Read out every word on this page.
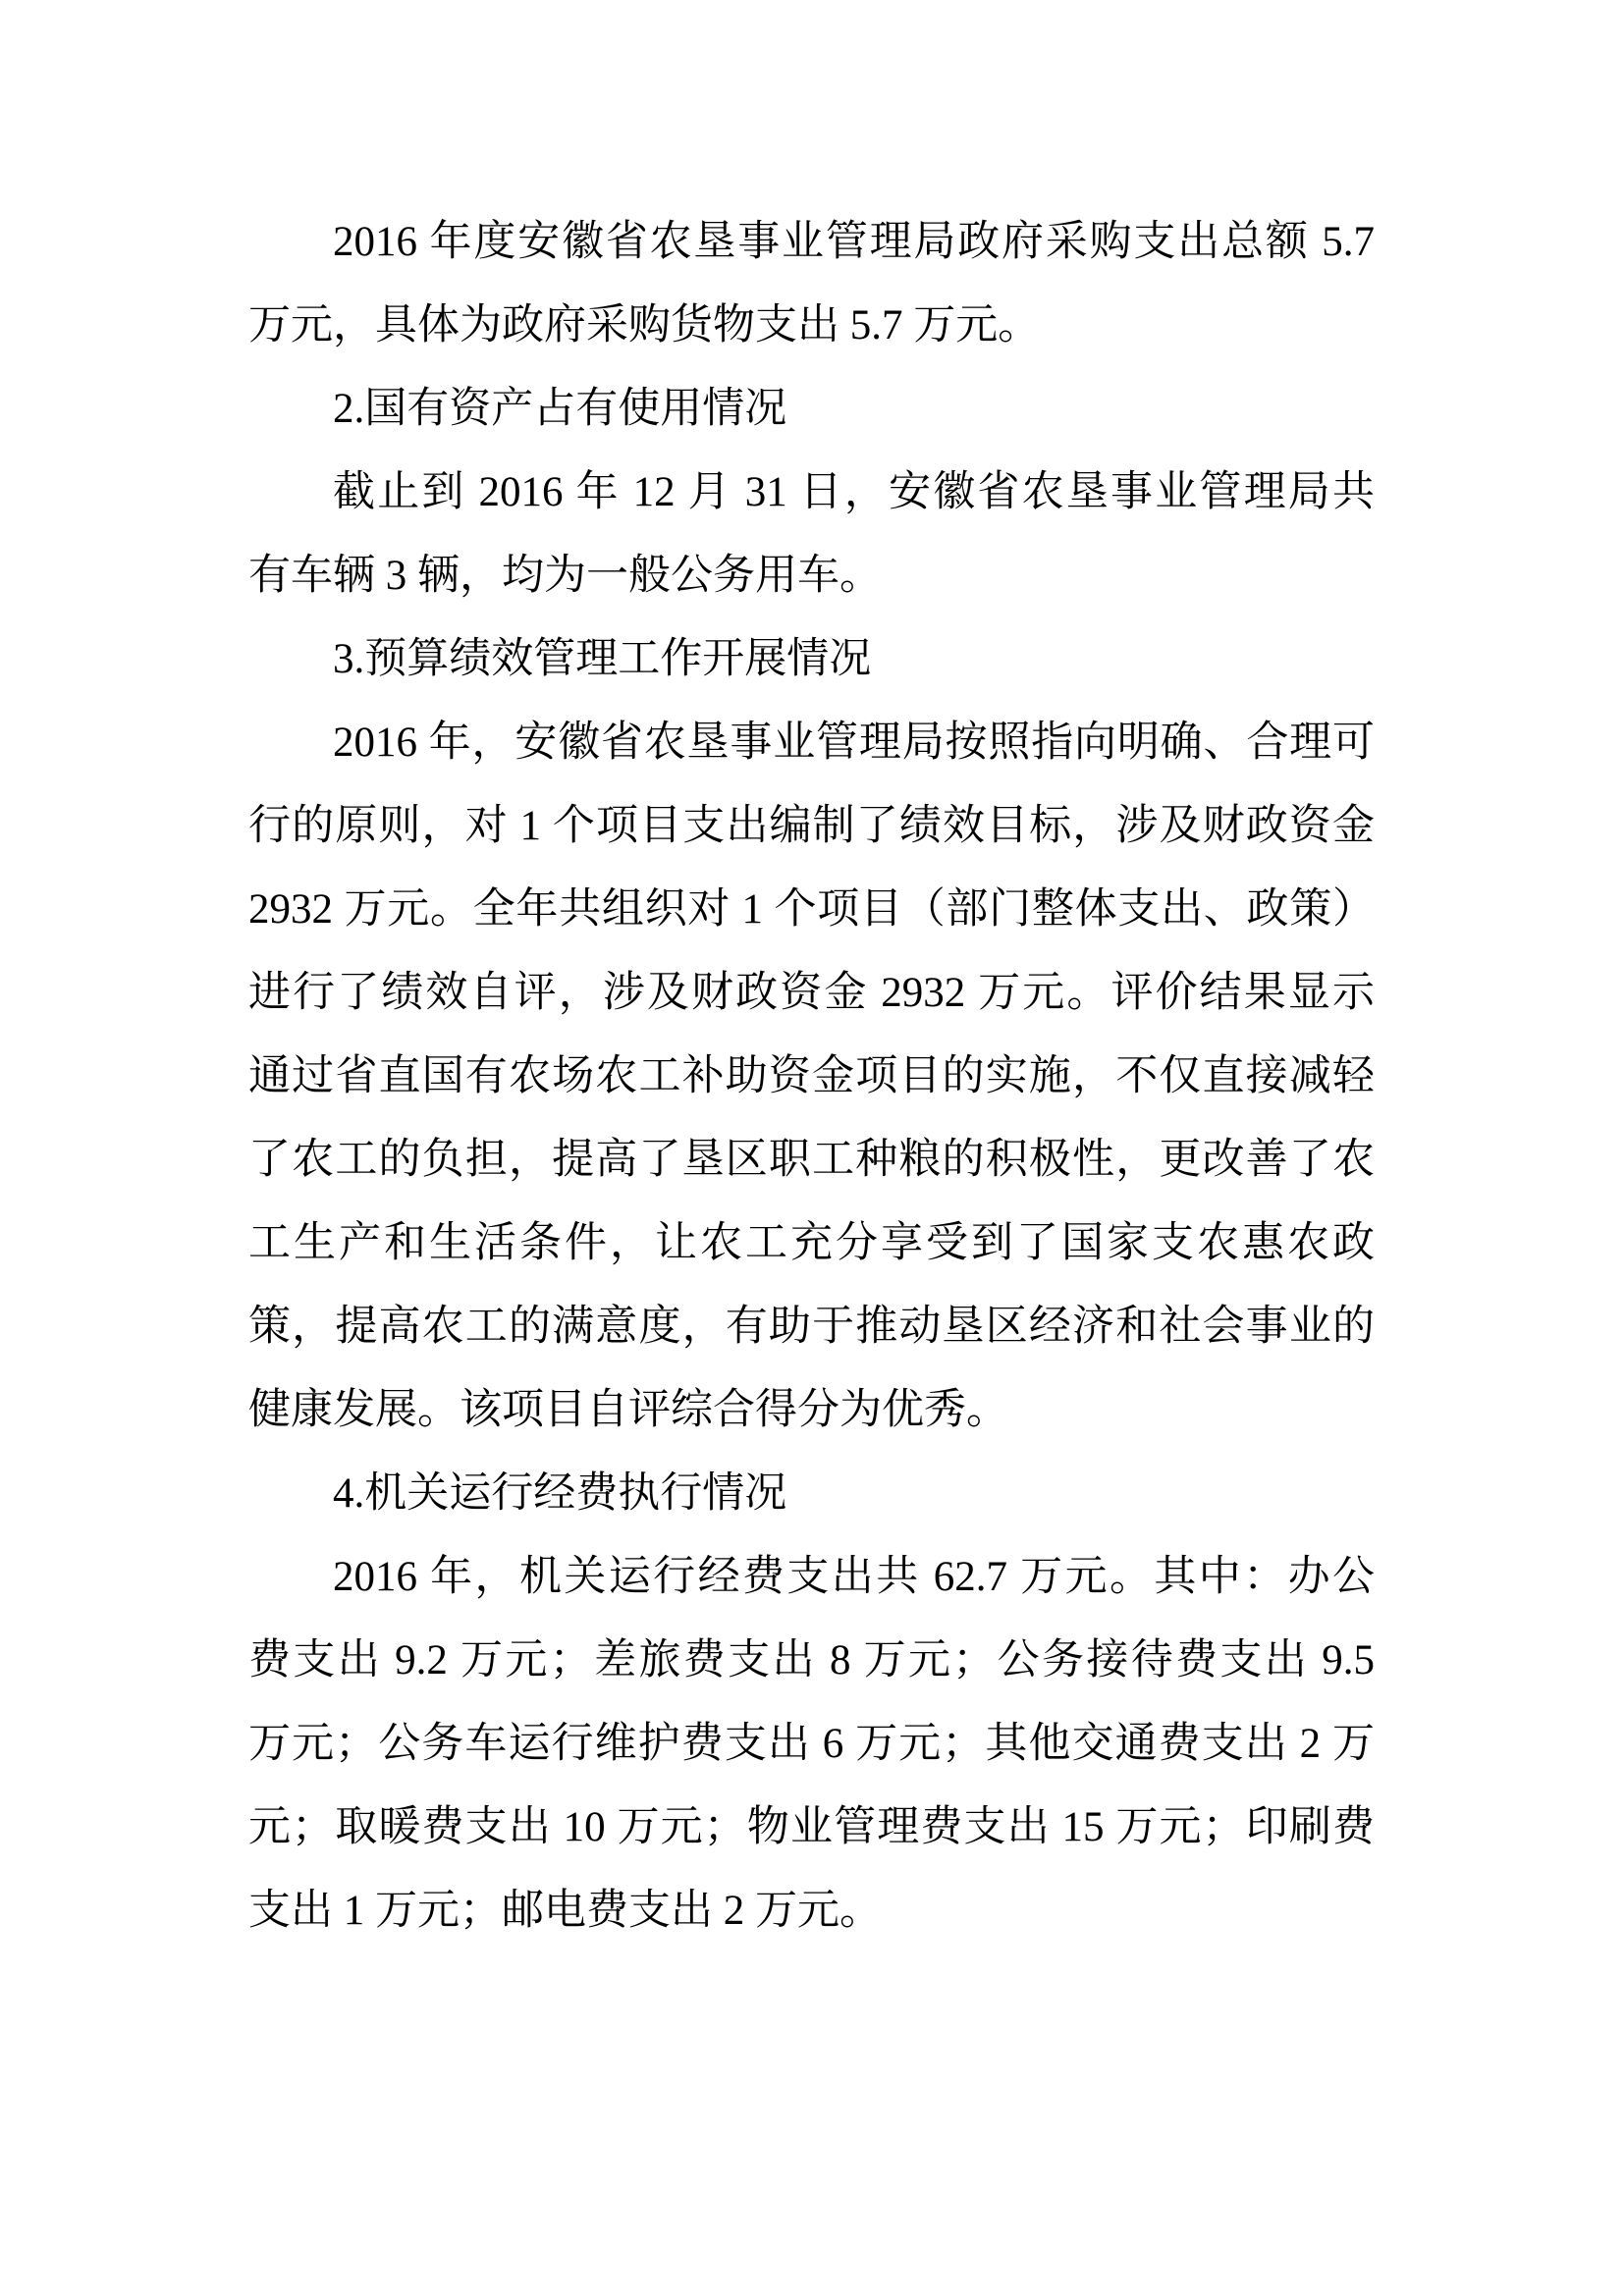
2016 年度安徽省农垦事业管理局政府采购支出总额 5.7
万元，具体为政府采购货物支出 5.7 万元。
2.国有资产占有使用情况
截止到 2016 年 12 月 31 日，安徽省农垦事业管理局共
有车辆 3 辆，均为一般公务用车。
3.预算绩效管理工作开展情况
2016 年，安徽省农垦事业管理局按照指向明确、合理可
行的原则，对 1 个项目支出编制了绩效目标，涉及财政资金
2932 万元。全年共组织对 1 个项目（部门整体支出、政策）
进行了绩效自评，涉及财政资金 2932 万元。评价结果显示
通过省直国有农场农工补助资金项目的实施，不仅直接减轻
了农工的负担，提高了垦区职工种粮的积极性，更改善了农
工生产和生活条件，让农工充分享受到了国家支农惠农政
策，提高农工的满意度，有助于推动垦区经济和社会事业的
健康发展。该项目自评综合得分为优秀。
4.机关运行经费执行情况
2016 年，机关运行经费支出共 62.7 万元。其中：办公
费支出 9.2 万元；差旅费支出 8 万元；公务接待费支出 9.5
万元；公务车运行维护费支出 6 万元；其他交通费支出 2 万
元；取暖费支出 10 万元；物业管理费支出 15 万元；印刷费
支出 1 万元；邮电费支出 2 万元。
